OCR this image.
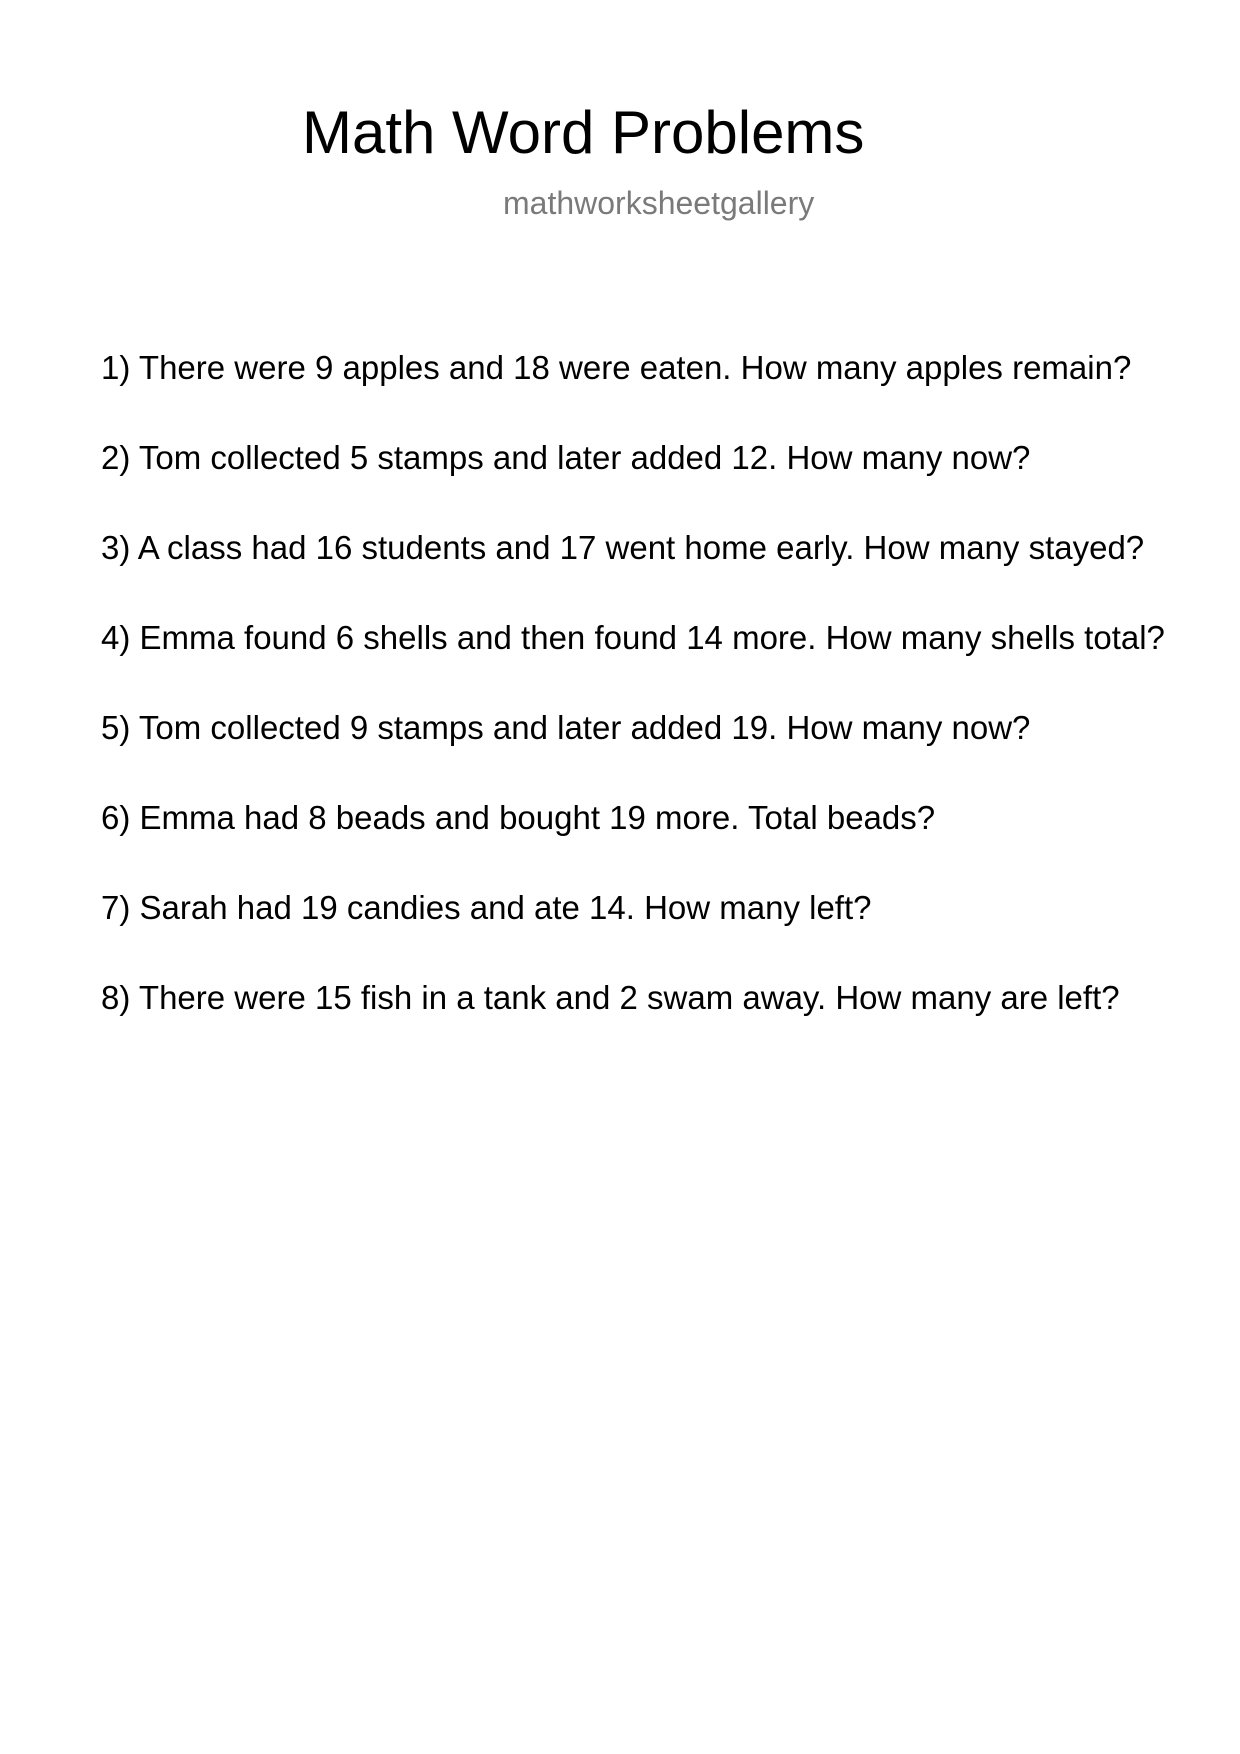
Math Word Problems
mathworksheetgallery
1) There were 9 apples and 18 were eaten. How many apples remain?
2) Tom collected 5 stamps and later added 12. How many now?
3) A class had 16 students and 17 went home early. How many stayed?
4) Emma found 6 shells and then found 14 more. How many shells total?
5) Tom collected 9 stamps and later added 19. How many now?
6) Emma had 8 beads and bought 19 more. Total beads?
7) Sarah had 19 candies and ate 14. How many left?
8) There were 15 fish in a tank and 2 swam away. How many are left?
